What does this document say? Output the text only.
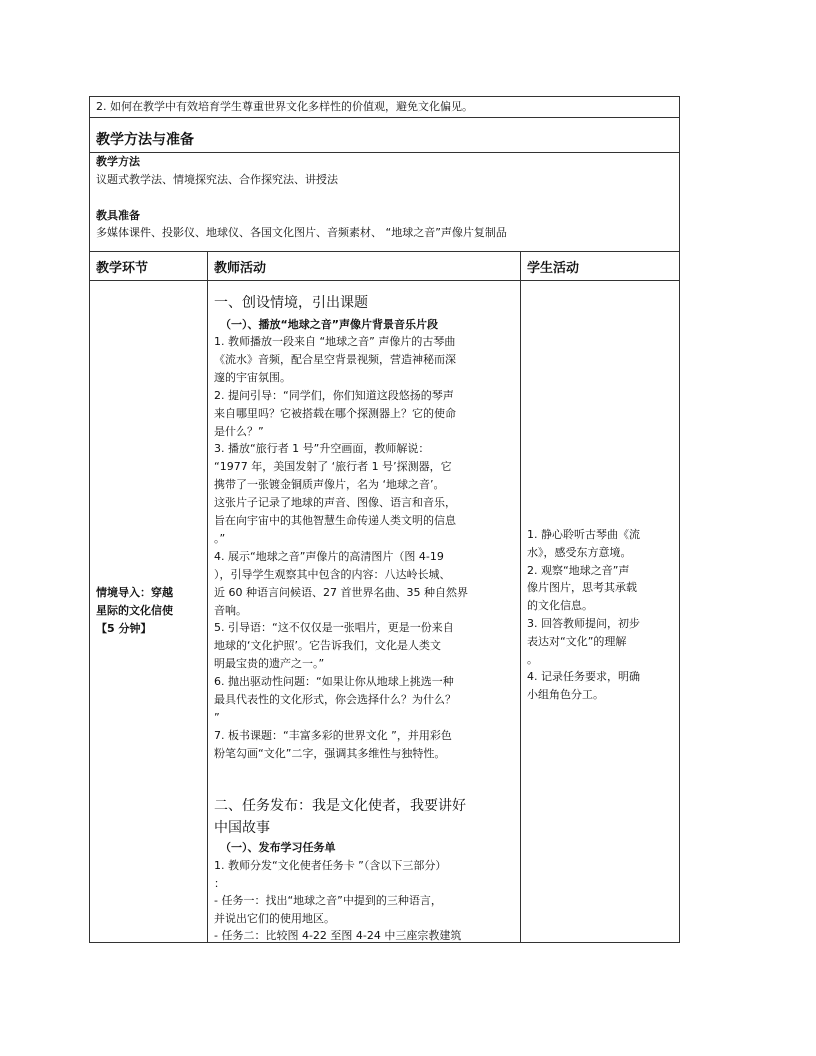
2. 如何在教学中有效培育学生尊重世界文化多样性的价值观，避免文化偏见。
教学方法与准备
教学方法
议题式教学法、情境探究法、合作探究法、讲授法
教具准备
多媒体课件、投影仪、地球仪、各国文化图片、音频素材、 “地球之音”声像片复制品
教学环节	教师活动	学生活动
情境导入：穿越
星际的文化信使
【5 分钟】
一、创设情境，引出课题
（一）、播放“地球之音”声像片背景音乐片段
1. 教师播放一段来自 “地球之音” 声像片的古琴曲
《流水》音频，配合星空背景视频，营造神秘而深
邃的宇宙氛围。
2. 提问引导：“同学们，你们知道这段悠扬的琴声
来自哪里吗？它被搭载在哪个探测器上？它的使命
是什么？”
3. 播放“旅行者 1 号”升空画面，教师解说：
“1977 年，美国发射了 ‘旅行者 1 号’探测器，它
携带了一张镀金铜质声像片，名为 ‘地球之音’。
这张片子记录了地球的声音、图像、语言和音乐，
旨在向宇宙中的其他智慧生命传递人类文明的信息
。”
4. 展示“地球之音”声像片的高清图片（图 4-19
），引导学生观察其中包含的内容：八达岭长城、
近 60 种语言问候语、27 首世界名曲、35 种自然界
音响。
5. 引导语：“这不仅仅是一张唱片，更是一份来自
地球的‘文化护照’。它告诉我们，文化是人类文
明最宝贵的遗产之一。”
6. 抛出驱动性问题：“如果让你从地球上挑选一种
最具代表性的文化形式，你会选择什么？为什么？
”
7. 板书课题：“丰富多彩的世界文化 ”，并用彩色
粉笔勾画“文化”二字，强调其多维性与独特性。
二、任务发布：我是文化使者，我要讲好
中国故事
（一）、发布学习任务单
1. 教师分发“文化使者任务卡 ”（含以下三部分）
：
- 任务一：找出“地球之音”中提到的三种语言，
并说出它们的使用地区。
- 任务二：比较图 4-22 至图 4-24 中三座宗教建筑
1. 静心聆听古琴曲《流
水》，感受东方意境。
2. 观察“地球之音”声
像片图片，思考其承载
的文化信息。
3. 回答教师提问，初步
表达对“文化”的理解
。
4. 记录任务要求，明确
小组角色分工。
